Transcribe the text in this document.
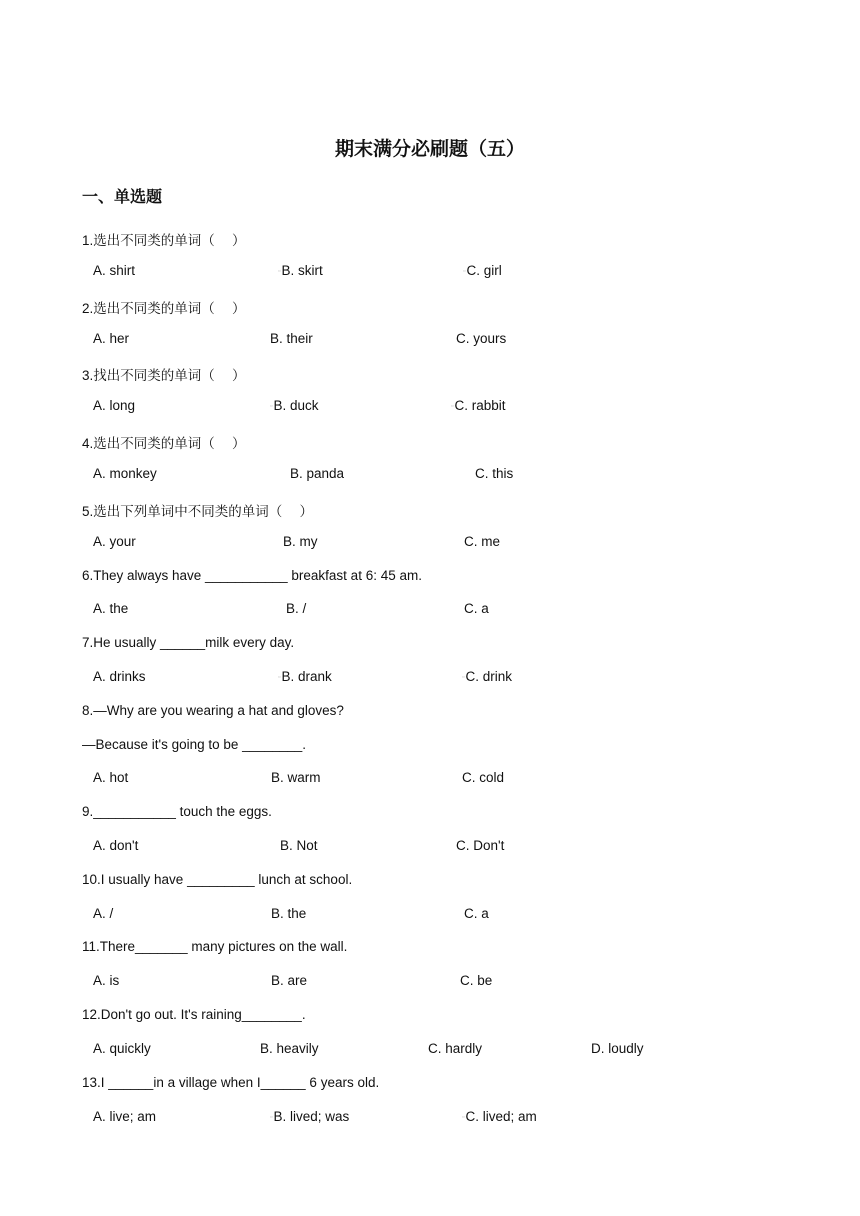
期末满分必刷题（五）
一、单选题
1.选出不同类的单词（　 ）
A. shirt	▫B. skirt	▫C. girl
2.选出不同类的单词（　 ）
A. her	B. their	C. yours
3.找出不同类的单词（　 ）
A. long	▫B. duck	▫C. rabbit
4.选出不同类的单词（　 ）
A. monkey	B. panda	C. this
5.选出下列单词中不同类的单词（　 ）
A. your	B. my	C. me
6.They always have ___________ breakfast at 6: 45 am.
A. the	B. /	C. a
7.He usually ______milk every day.
A. drinks	▫B. drank	▫C. drink
8.—Why are you wearing a hat and gloves?
—Because it's going to be ________.
A. hot	B. warm	C. cold
9.___________ touch the eggs.
A. don't	B. Not	C. Don't
10.I usually have _________ lunch at school.
A. /	B. the	C. a
11.There_______ many pictures on the wall.
A. is	B. are	C. be
12.Don't go out. It's raining________.
A. quickly	B. heavily	C. hardly	D. loudly
13.I ______in a village when I______ 6 years old.
A. live; am	▫B. lived; was	▫C. lived; am
